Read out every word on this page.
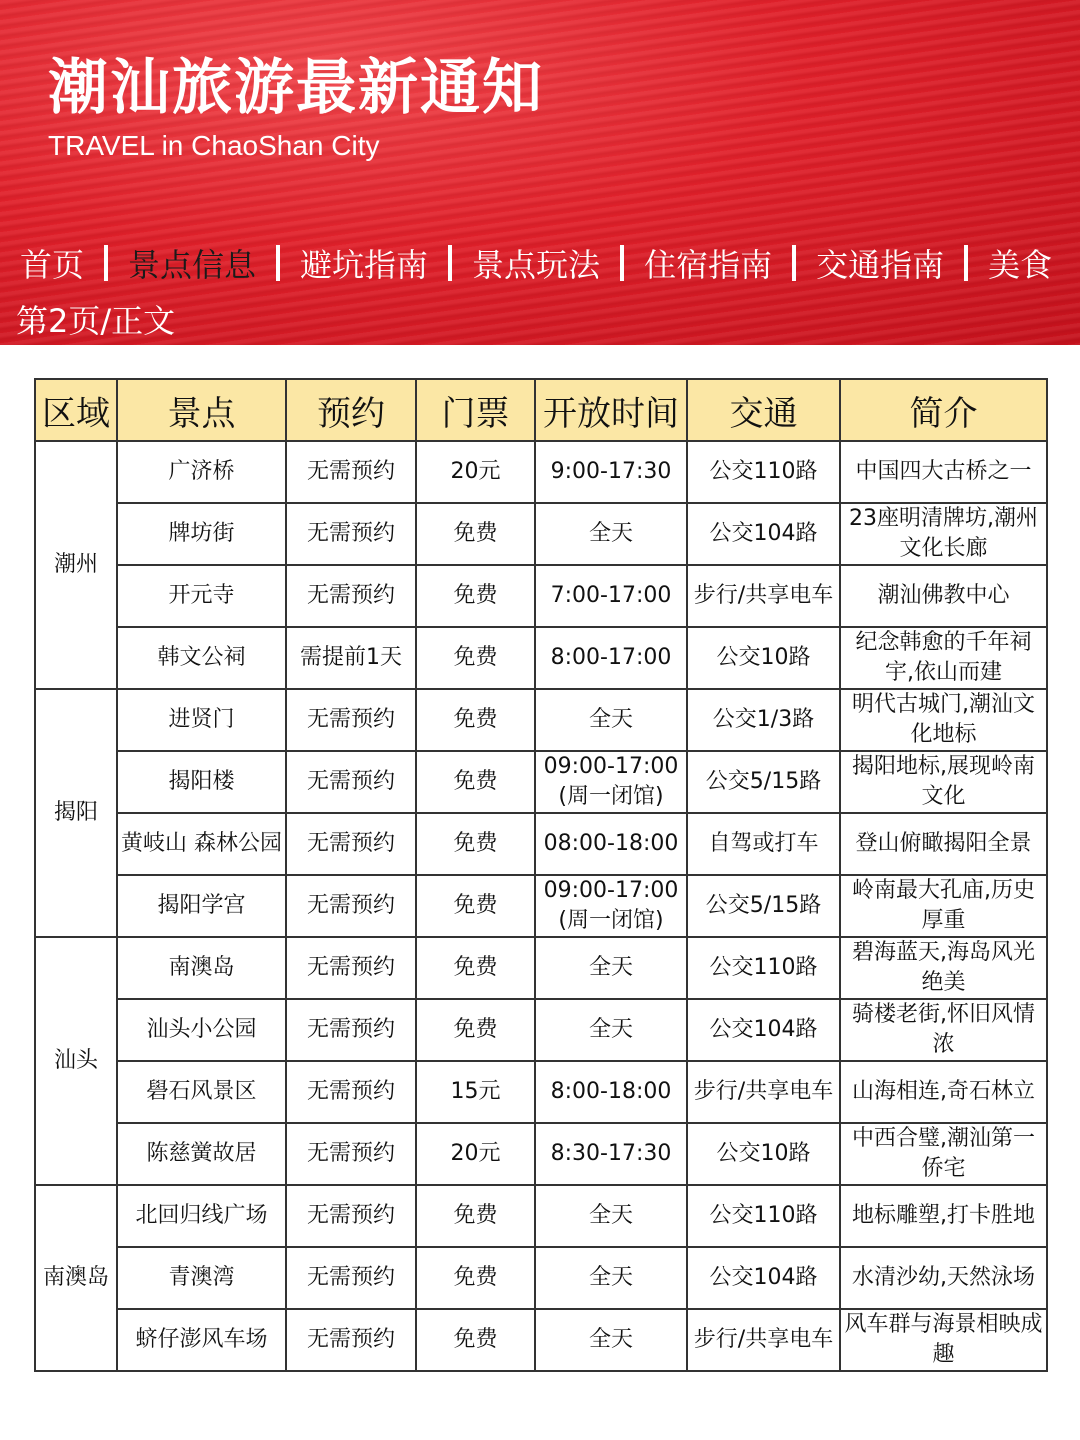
潮汕旅游最新通知
TRAVEL in ChaoShan City
首页 景点信息 避坑指南 景点玩法 住宿指南 交通指南 美食
第2页/正文
区域	景点	预约	门票	开放时间	交通	简介
潮州	广济桥	无需预约	20元	9:00-17:30	公交110路	中国四大古桥之一
	牌坊街	无需预约	免费	全天	公交104路	23座明清牌坊,潮州文化长廊
	开元寺	无需预约	免费	7:00-17:00	步行/共享电车	潮汕佛教中心
	韩文公祠	需提前1天	免费	8:00-17:00	公交10路	纪念韩愈的千年祠宇,依山而建
揭阳	进贤门	无需预约	免费	全天	公交1/3路	明代古城门,潮汕文化地标
	揭阳楼	无需预约	免费	09:00-17:00 (周一闭馆)	公交5/15路	揭阳地标,展现岭南文化
	黄岐山 森林公园	无需预约	免费	08:00-18:00	自驾或打车	登山俯瞰揭阳全景
	揭阳学宫	无需预约	免费	09:00-17:00 (周一闭馆)	公交5/15路	岭南最大孔庙,历史厚重
汕头	南澳岛	无需预约	免费	全天	公交110路	碧海蓝天,海岛风光绝美
	汕头小公园	无需预约	免费	全天	公交104路	骑楼老街,怀旧风情浓
	礐石风景区	无需预约	15元	8:00-18:00	步行/共享电车	山海相连,奇石林立
	陈慈黉故居	无需预约	20元	8:30-17:30	公交10路	中西合璧,潮汕第一侨宅
南澳岛	北回归线广场	无需预约	免费	全天	公交110路	地标雕塑,打卡胜地
	青澳湾	无需预约	免费	全天	公交104路	水清沙幼,天然泳场
	蛴仔澎风车场	无需预约	免费	全天	步行/共享电车	风车群与海景相映成趣
